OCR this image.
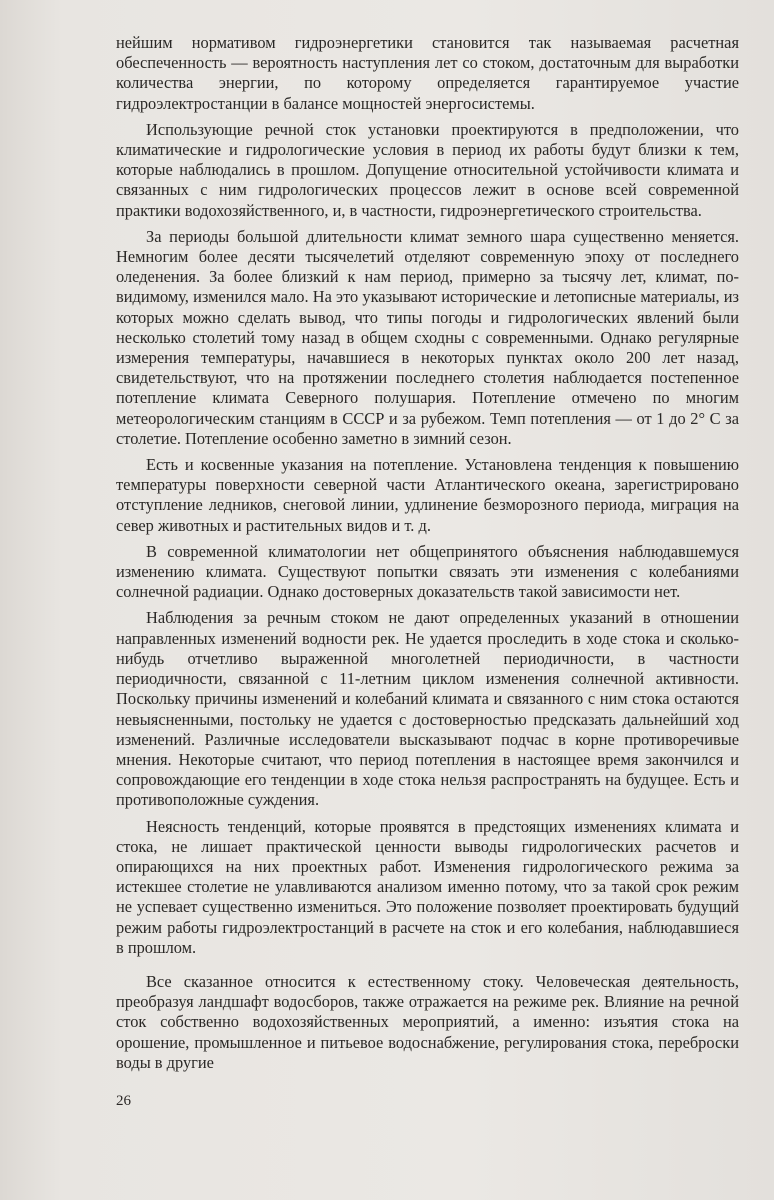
нейшим нормативом гидроэнергетики становится так называемая расчетная обеспеченность — вероятность наступления лет со стоком, достаточным для выработки количества энергии, по которому определяется гарантируемое участие гидроэлектростанции в балансе мощностей энергосистемы.

Использующие речной сток установки проектируются в предположении, что климатические и гидрологические условия в период их работы будут близки к тем, которые наблюдались в прошлом. Допущение относительной устойчивости климата и связанных с ним гидрологических процессов лежит в основе всей современной практики водохозяйственного, и, в частности, гидроэнергетического строительства.

За периоды большой длительности климат земного шара существенно меняется. Немногим более десяти тысячелетий отделяют современную эпоху от последнего оледенения. За более близкий к нам период, примерно за тысячу лет, климат, по-видимому, изменился мало. На это указывают исторические и летописные материалы, из которых можно сделать вывод, что типы погоды и гидрологических явлений были несколько столетий тому назад в общем сходны с современными. Однако регулярные измерения температуры, начавшиеся в некоторых пунктах около 200 лет назад, свидетельствуют, что на протяжении последнего столетия наблюдается постепенное потепление климата Северного полушария. Потепление отмечено по многим метеорологическим станциям в СССР и за рубежом. Темп потепления — от 1 до 2° С за столетие. Потепление особенно заметно в зимний сезон.

Есть и косвенные указания на потепление. Установлена тенденция к повышению температуры поверхности северной части Атлантического океана, зарегистрировано отступление ледников, снеговой линии, удлинение безморозного периода, миграция на север животных и растительных видов и т. д.

В современной климатологии нет общепринятого объяснения наблюдавшемуся изменению климата. Существуют попытки связать эти изменения с колебаниями солнечной радиации. Однако достоверных доказательств такой зависимости нет.

Наблюдения за речным стоком не дают определенных указаний в отношении направленных изменений водности рек. Не удается проследить в ходе стока и сколько-нибудь отчетливо выраженной многолетней периодичности, в частности периодичности, связанной с 11-летним циклом изменения солнечной активности. Поскольку причины изменений и колебаний климата и связанного с ним стока остаются невыясненными, постольку не удается с достоверностью предсказать дальнейший ход изменений. Различные исследователи высказывают подчас в корне противоречивые мнения. Некоторые считают, что период потепления в настоящее время закончился и сопровождающие его тенденции в ходе стока нельзя распространять на будущее. Есть и противоположные суждения.

Неясность тенденций, которые проявятся в предстоящих изменениях климата и стока, не лишает практической ценности выводы гидрологических расчетов и опирающихся на них проектных работ. Изменения гидрологического режима за истекшее столетие не улавливаются анализом именно потому, что за такой срок режим не успевает существенно измениться. Это положение позволяет проектировать будущий режим работы гидроэлектростанций в расчете на сток и его колебания, наблюдавшиеся в прошлом.

Все сказанное относится к естественному стоку. Человеческая деятельность, преобразуя ландшафт водосборов, также отражается на режиме рек. Влияние на речной сток собственно водохозяйственных мероприятий, а именно: изъятия стока на орошение, промышленное и питьевое водоснабжение, регулирования стока, переброски воды в другие

26
